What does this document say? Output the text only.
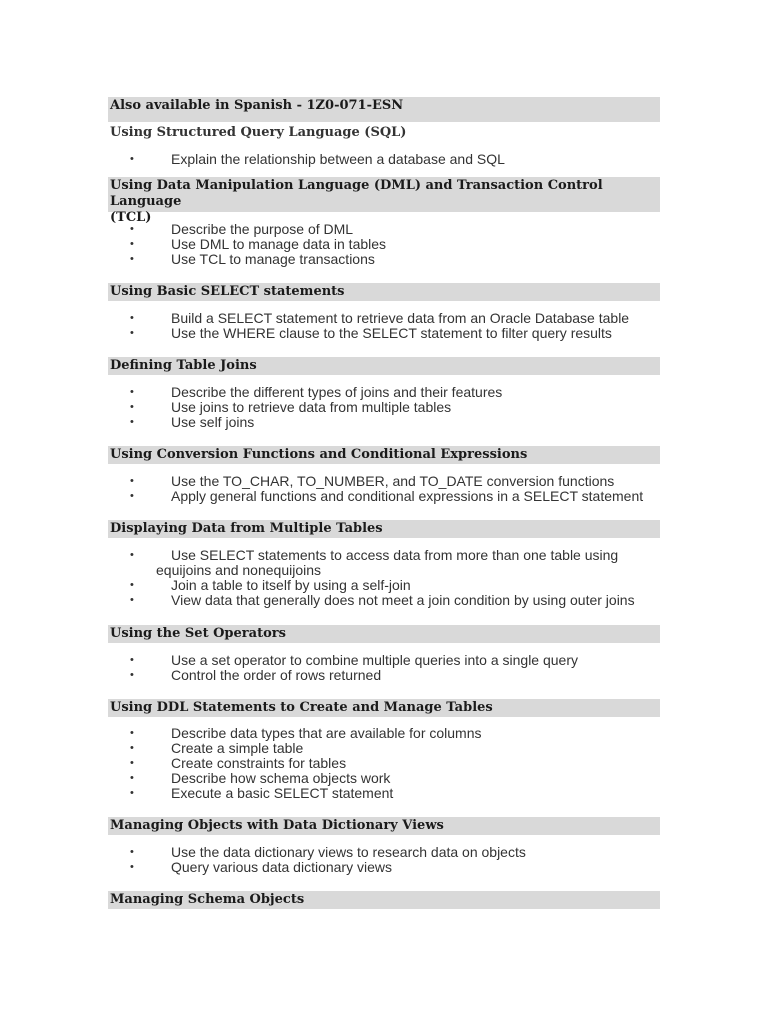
Also available in Spanish - 1Z0-071-ESN
Using Structured Query Language (SQL)
• Explain the relationship between a database and SQL
Using Data Manipulation Language (DML) and Transaction Control Language
(TCL)
• Describe the purpose of DML
• Use DML to manage data in tables
• Use TCL to manage transactions
Using Basic SELECT statements
• Build a SELECT statement to retrieve data from an Oracle Database table
• Use the WHERE clause to the SELECT statement to filter query results
Defining Table Joins
• Describe the different types of joins and their features
• Use joins to retrieve data from multiple tables
• Use self joins
Using Conversion Functions and Conditional Expressions
• Use the TO_CHAR, TO_NUMBER, and TO_DATE conversion functions
• Apply general functions and conditional expressions in a SELECT statement
Displaying Data from Multiple Tables
• Use SELECT statements to access data from more than one table using
equijoins and nonequijoins
• Join a table to itself by using a self-join
• View data that generally does not meet a join condition by using outer joins
Using the Set Operators
• Use a set operator to combine multiple queries into a single query
• Control the order of rows returned
Using DDL Statements to Create and Manage Tables
• Describe data types that are available for columns
• Create a simple table
• Create constraints for tables
• Describe how schema objects work
• Execute a basic SELECT statement
Managing Objects with Data Dictionary Views
• Use the data dictionary views to research data on objects
• Query various data dictionary views
Managing Schema Objects
